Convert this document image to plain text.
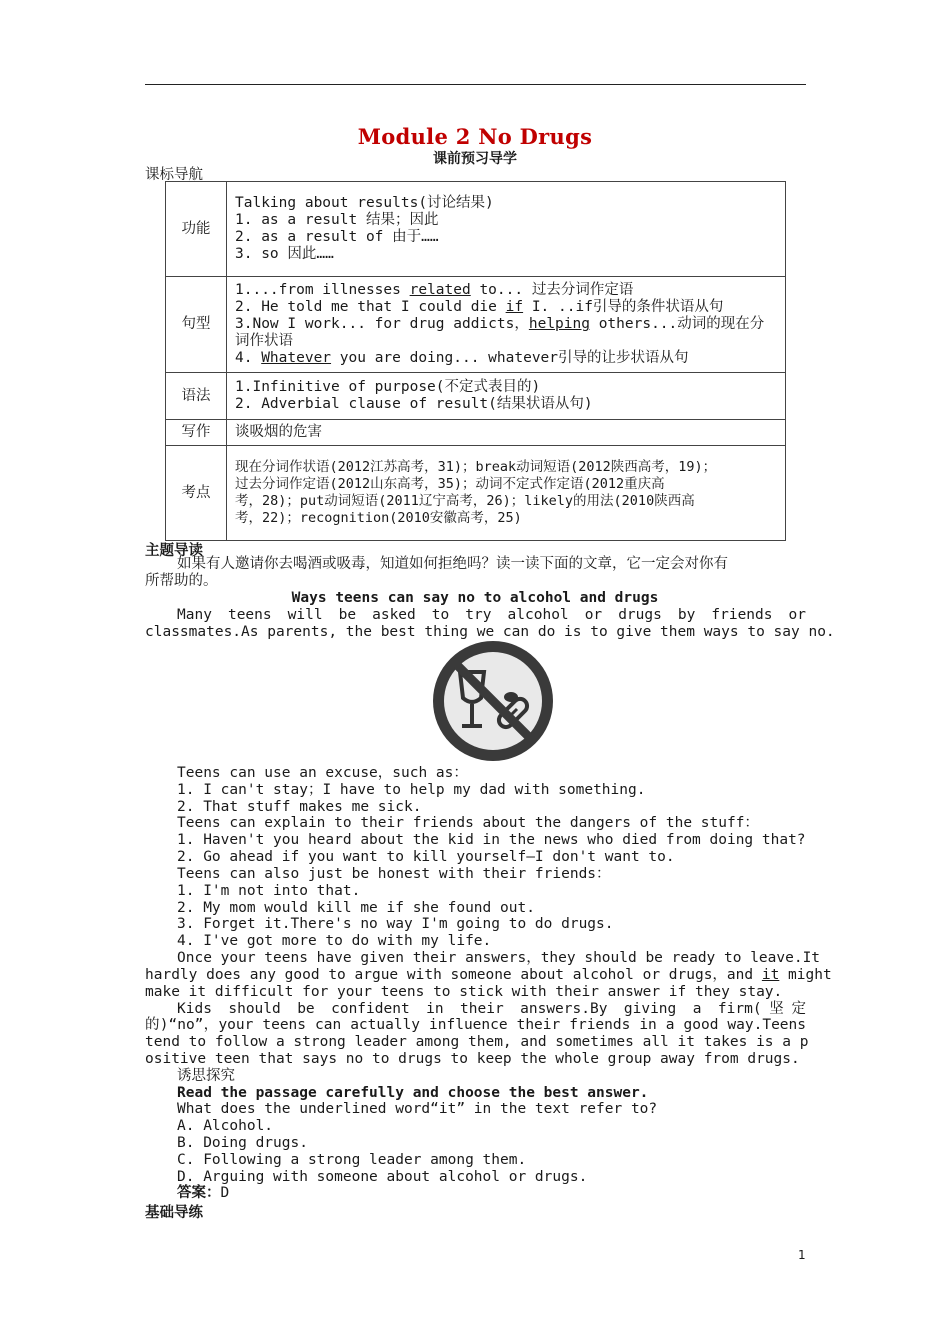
Module 2 No Drugs
课前预习导学
课标导航
功能	Talking about results(讨论结果)
1. as a result 结果；因此
2. as a result of 由于……
3. so 因此……

句型	1....from illnesses related to... 过去分词作定语
2. He told me that I could die if I. ..if引导的条件状语从句
3.Now I work... for drug addicts，helping others...动词的现在分词作状语
4. Whatever you are doing... whatever引导的让步状语从句

语法	1.Infinitive of purpose(不定式表目的)
2. Adverbial clause of result(结果状语从句)

写作	谈吸烟的危害

考点	现在分词作状语(2012江苏高考，31)；break动词短语(2012陕西高考，19)；
过去分词作定语(2012山东高考，35)；动词不定式作定语(2012重庆高
考，28)；put动词短语(2011辽宁高考，26)；likely的用法(2010陕西高
考，22)；recognition(2010安徽高考，25)
主题导读
如果有人邀请你去喝酒或吸毒，知道如何拒绝吗？读一读下面的文章，它一定会对你有
所帮助的。
Ways teens can say no to alcohol and drugs
Many teens will be asked to try alcohol or drugs by friends or
classmates.As parents, the best thing we can do is to give them ways to say no.
Teens can use an excuse，such as：
1. I can't stay；I have to help my dad with something.
2. That stuff makes me sick.
Teens can explain to their friends about the dangers of the stuff：
1. Haven't you heard about the kid in the news who died from doing that?
2. Go ahead if you want to kill yourself—I don't want to.
Teens can also just be honest with their friends：
1. I'm not into that.
2. My mom would kill me if she found out.
3. Forget it.There's no way I'm going to do drugs.
4. I've got more to do with my life.
Once your teens have given their answers，they should be ready to leave.It
hardly does any good to argue with someone about alcohol or drugs，and it might
make it difficult for your teens to stick with their answer if they stay.
Kids should be confident in their answers.By giving a firm(坚定
的)“no”，your teens can actually influence their friends in a good way.Teens
tend to follow a strong leader among them, and sometimes all it takes is a p
ositive teen that says no to drugs to keep the whole group away from drugs.
诱思探究
Read the passage carefully and choose the best answer.
What does the underlined word“it” in the text refer to?
A. Alcohol.
B. Doing drugs.
C. Following a strong leader among them.
D. Arguing with someone about alcohol or drugs.
答案：D
基础导练
1
